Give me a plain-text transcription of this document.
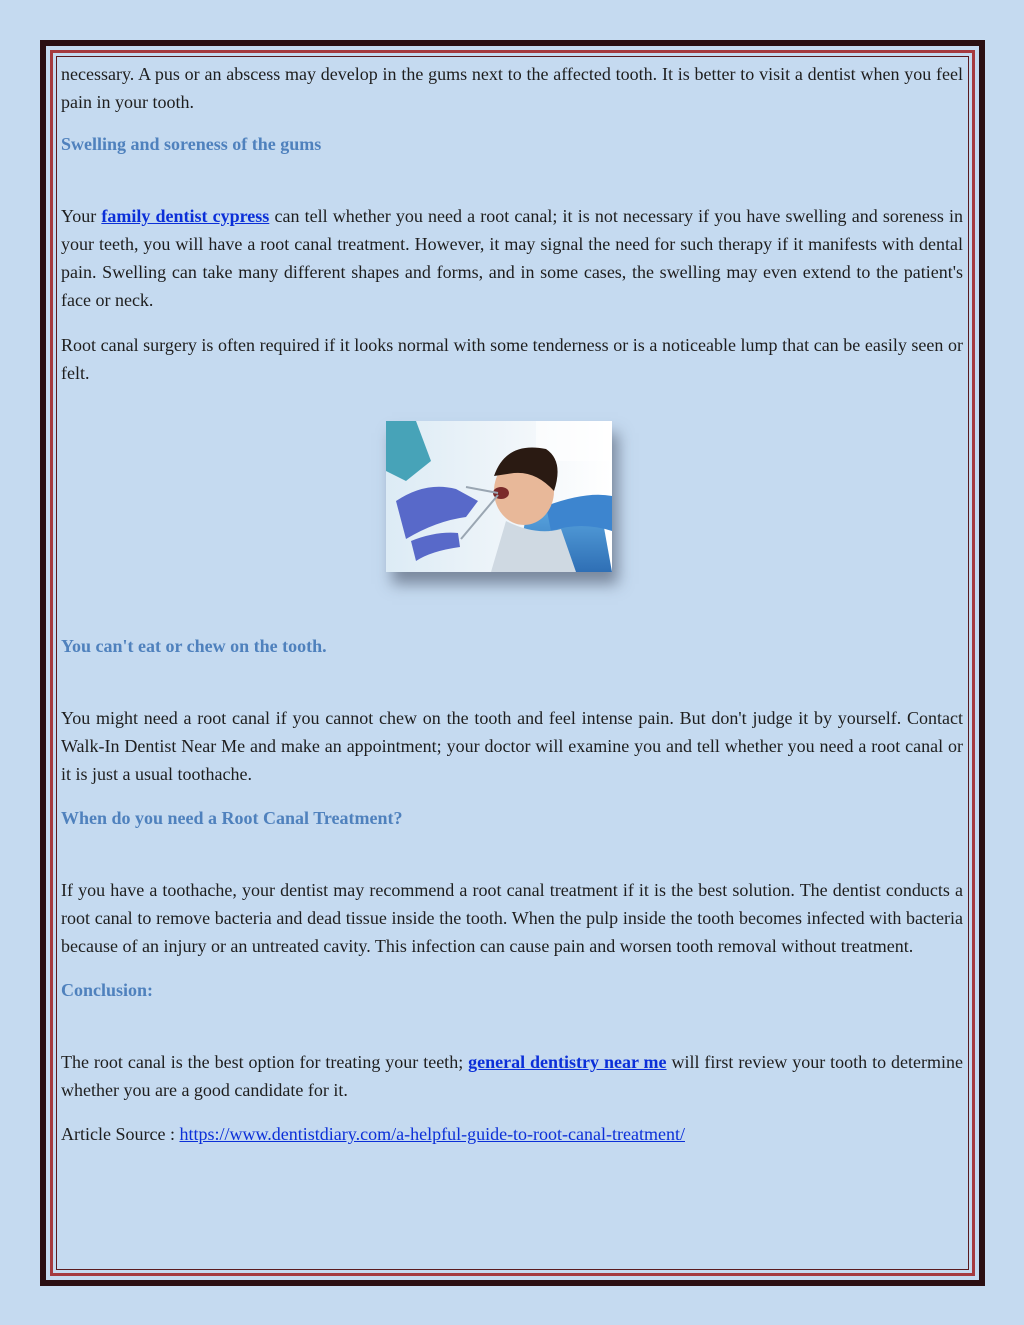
necessary. A pus or an abscess may develop in the gums next to the affected tooth. It is better to visit a dentist when you feel pain in your tooth.

Swelling and soreness of the gums

Your family dentist cypress can tell whether you need a root canal; it is not necessary if you have swelling and soreness in your teeth, you will have a root canal treatment. However, it may signal the need for such therapy if it manifests with dental pain. Swelling can take many different shapes and forms, and in some cases, the swelling may even extend to the patient's face or neck.

Root canal surgery is often required if it looks normal with some tenderness or is a noticeable lump that can be easily seen or felt.

You can't eat or chew on the tooth.

You might need a root canal if you cannot chew on the tooth and feel intense pain. But don't judge it by yourself. Contact Walk-In Dentist Near Me and make an appointment; your doctor will examine you and tell whether you need a root canal or it is just a usual toothache.

When do you need a Root Canal Treatment?

If you have a toothache, your dentist may recommend a root canal treatment if it is the best solution. The dentist conducts a root canal to remove bacteria and dead tissue inside the tooth. When the pulp inside the tooth becomes infected with bacteria because of an injury or an untreated cavity. This infection can cause pain and worsen tooth removal without treatment.

Conclusion:

The root canal is the best option for treating your teeth; general dentistry near me will first review your tooth to determine whether you are a good candidate for it.

Article Source : https://www.dentistdiary.com/a-helpful-guide-to-root-canal-treatment/
